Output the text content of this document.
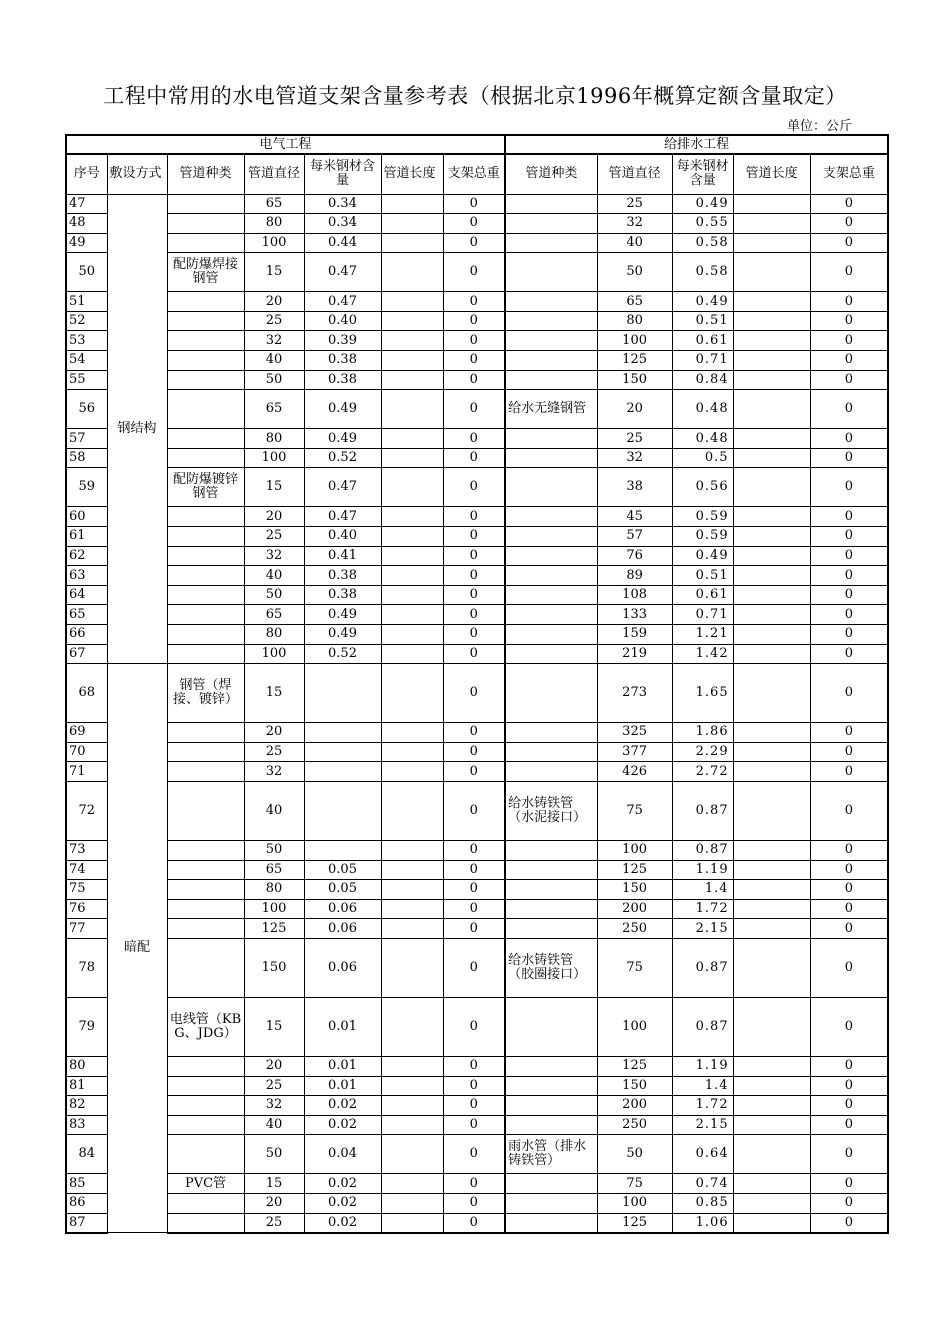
工程中常用的水电管道支架含量参考表（根据北京1996年概算定额含量取定）
单位：公斤
电气工程							给排水工程				
序号	敷设方式	管道种类	管道直径	每米钢材含量	管道长度	支架总重	管道种类	管道直径	每米钢材含量	管道长度	支架总重
47	钢结构		65	0.34		0		25	0.49		0
48			80	0.34		0		32	0.55		0
49			100	0.44		0		40	0.58		0
50		配防爆焊接钢管	15	0.47		0		50	0.58		0
51			20	0.47		0		65	0.49		0
52			25	0.40		0		80	0.51		0
53			32	0.39		0		100	0.61		0
54			40	0.38		0		125	0.71		0
55			50	0.38		0		150	0.84		0
56			65	0.49		0	给水无缝钢管	20	0.48		0
57			80	0.49		0		25	0.48		0
58			100	0.52		0		32	0.5		0
59		配防爆镀锌钢管	15	0.47		0		38	0.56		0
60			20	0.47		0		45	0.59		0
61			25	0.40		0		57	0.59		0
62			32	0.41		0		76	0.49		0
63			40	0.38		0		89	0.51		0
64			50	0.38		0		108	0.61		0
65			65	0.49		0		133	0.71		0
66			80	0.49		0		159	1.21		0
67			100	0.52		0		219	1.42		0
68	暗配	钢管（焊接、镀锌）	15			0		273	1.65		0
69			20			0		325	1.86		0
70			25			0		377	2.29		0
71			32			0		426	2.72		0
72			40			0	给水铸铁管（水泥接口）	75	0.87		0
73			50			0		100	0.87		0
74			65	0.05		0		125	1.19		0
75			80	0.05		0		150	1.4		0
76			100	0.06		0		200	1.72		0
77			125	0.06		0		250	2.15		0
78			150	0.06		0	给水铸铁管（胶圈接口）	75	0.87		0
79		电线管（KBG、JDG）	15	0.01		0		100	0.87		0
80			20	0.01		0		125	1.19		0
81			25	0.01		0		150	1.4		0
82			32	0.02		0		200	1.72		0
83			40	0.02		0		250	2.15		0
84			50	0.04		0	雨水管（排水铸铁管）	50	0.64		0
85		PVC管	15	0.02		0		75	0.74		0
86			20	0.02		0		100	0.85		0
87			25	0.02		0		125	1.06		0
